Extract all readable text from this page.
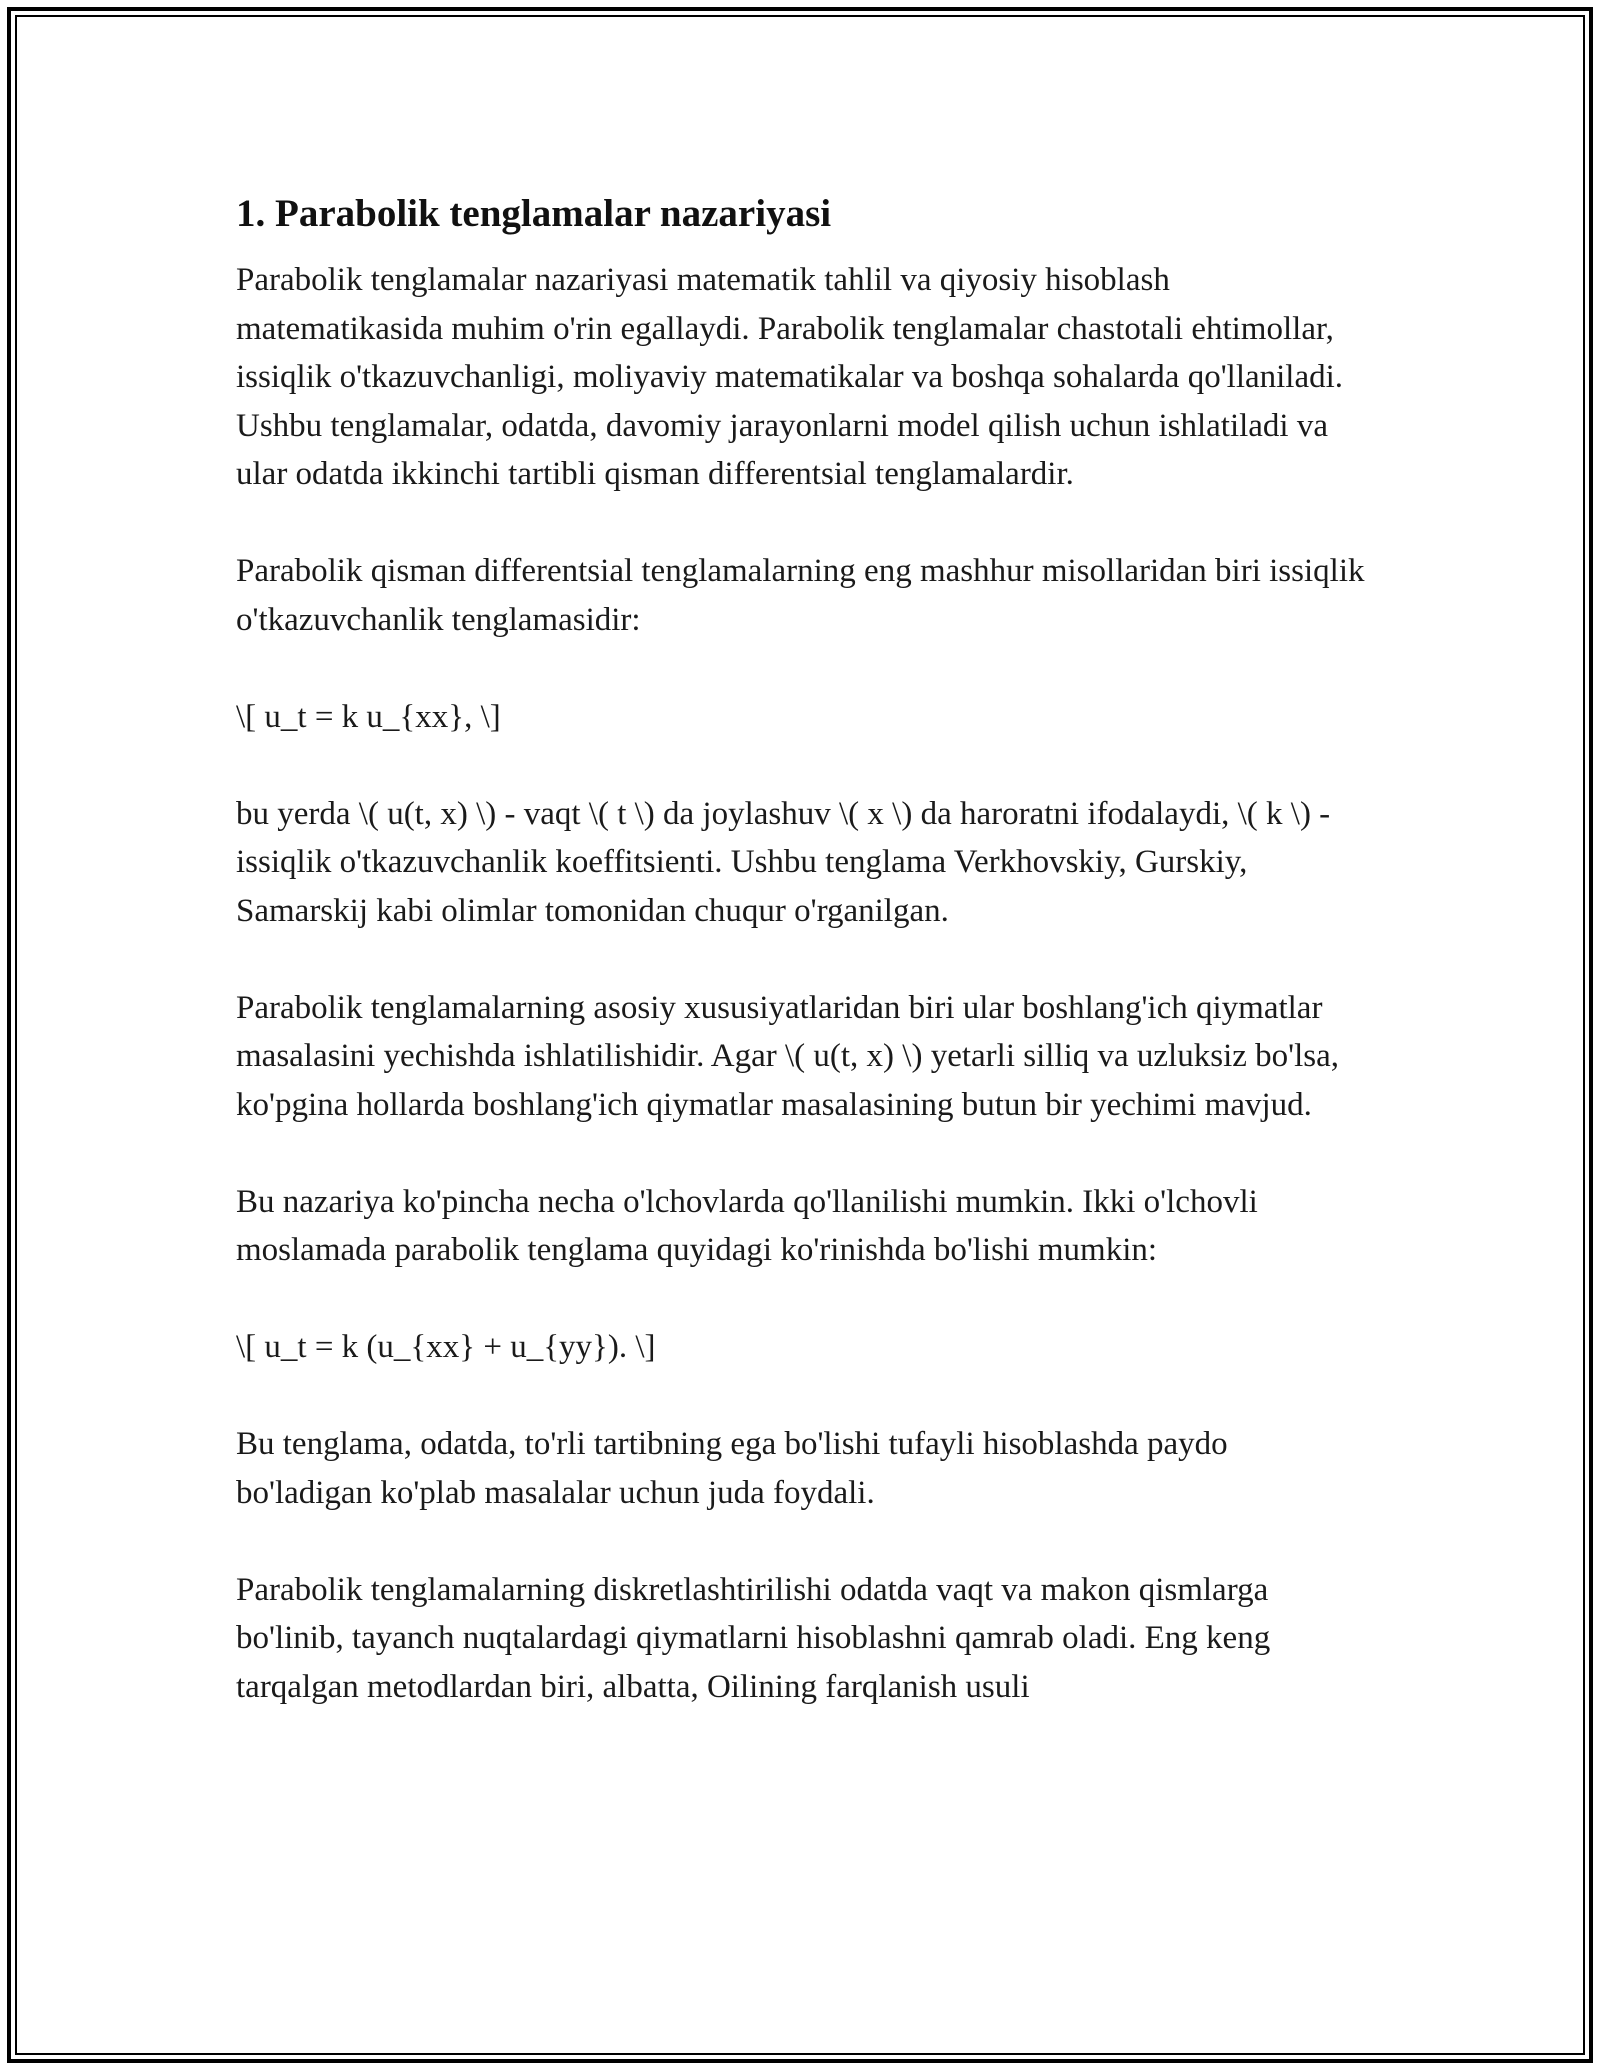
1. Parabolik tenglamalar nazariyasi

Parabolik tenglamalar nazariyasi matematik tahlil va qiyosiy hisoblash matematikasida muhim o'rin egallaydi. Parabolik tenglamalar chastotali ehtimollar, issiqlik o'tkazuvchanligi, moliyaviy matematikalar va boshqa sohalarda qo'llaniladi. Ushbu tenglamalar, odatda, davomiy jarayonlarni model qilish uchun ishlatiladi va ular odatda ikkinchi tartibli qisman differentsial tenglamalardir.

Parabolik qisman differentsial tenglamalarning eng mashhur misollaridan biri issiqlik o'tkazuvchanlik tenglamasidir:

\[ u_t = k u_{xx}, \]

bu yerda \( u(t, x) \) - vaqt \( t \) da joylashuv \( x \) da haroratni ifodalaydi, \( k \) - issiqlik o'tkazuvchanlik koeffitsienti. Ushbu tenglama Verkhovskiy, Gurskiy, Samarskij kabi olimlar tomonidan chuqur o'rganilgan.

Parabolik tenglamalarning asosiy xususiyatlaridan biri ular boshlang'ich qiymatlar masalasini yechishda ishlatilishidir. Agar \( u(t, x) \) yetarli silliq va uzluksiz bo'lsa, ko'pgina hollarda boshlang'ich qiymatlar masalasining butun bir yechimi mavjud.

Bu nazariya ko'pincha necha o'lchovlarda qo'llanilishi mumkin. Ikki o'lchovli moslamada parabolik tenglama quyidagi ko'rinishda bo'lishi mumkin:

\[ u_t = k (u_{xx} + u_{yy}). \]

Bu tenglama, odatda, to'rli tartibning ega bo'lishi tufayli hisoblashda paydo bo'ladigan ko'plab masalalar uchun juda foydali.

Parabolik tenglamalarning diskretlashtirilishi odatda vaqt va makon qismlarga bo'linib, tayanch nuqtalardagi qiymatlarni hisoblashni qamrab oladi. Eng keng tarqalgan metodlardan biri, albatta, Oilining farqlanish usuli
